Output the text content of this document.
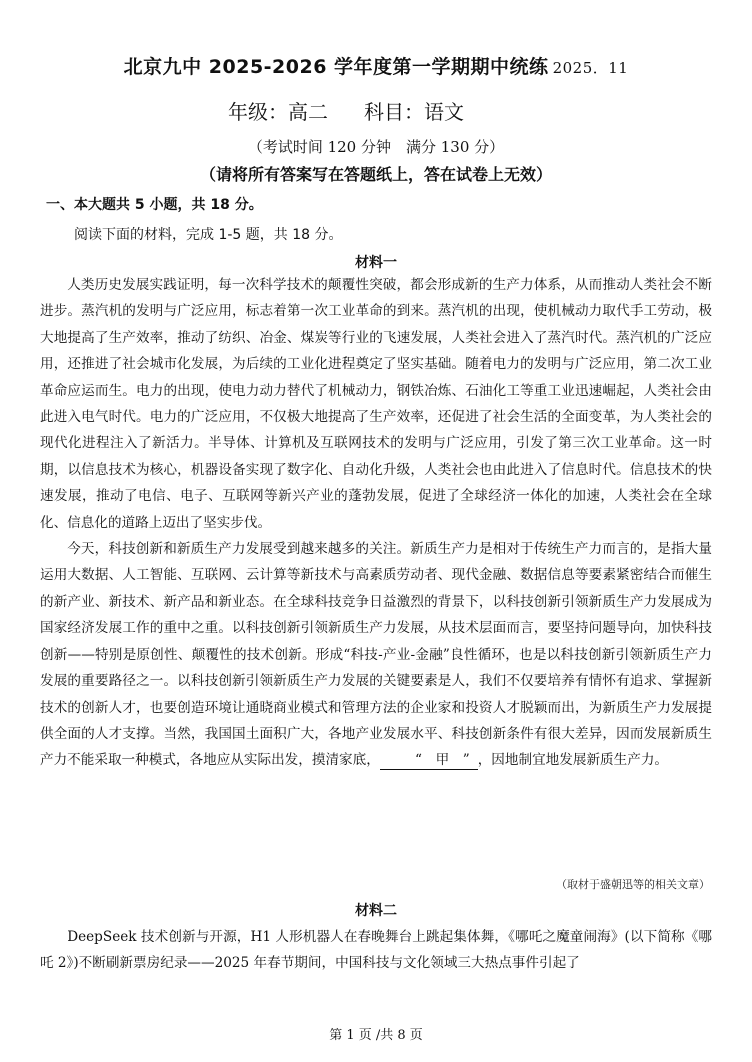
北京九中 2025-2026 学年度第一学期期中统练 2025．11
年级：高二 科目：语文
（考试时间 120 分钟　满分 130 分）
（请将所有答案写在答题纸上，答在试卷上无效）
一、本大题共 5 小题，共 18 分。
阅读下面的材料，完成 1-5 题，共 18 分。
材料一

人类历史发展实践证明，每一次科学技术的颠覆性突破，都会形成新的生产力体系，从而推动人类社会不断进步。蒸汽机的发明与广泛应用，标志着第一次工业革命的到来。蒸汽机的出现，使机械动力取代手工劳动，极大地提高了生产效率，推动了纺织、冶金、煤炭等行业的飞速发展，人类社会进入了蒸汽时代。蒸汽机的广泛应用，还推进了社会城市化发展，为后续的工业化进程奠定了坚实基础。随着电力的发明与广泛应用，第二次工业革命应运而生。电力的出现，使电力动力替代了机械动力，钢铁冶炼、石油化工等重工业迅速崛起，人类社会由此进入电气时代。电力的广泛应用，不仅极大地提高了生产效率，还促进了社会生活的全面变革，为人类社会的现代化进程注入了新活力。半导体、计算机及互联网技术的发明与广泛应用，引发了第三次工业革命。这一时期，以信息技术为核心，机器设备实现了数字化、自动化升级，人类社会也由此进入了信息时代。信息技术的快速发展，推动了电信、电子、互联网等新兴产业的蓬勃发展，促进了全球经济一体化的加速，人类社会在全球化、信息化的道路上迈出了坚实步伐。

今天，科技创新和新质生产力发展受到越来越多的关注。新质生产力是相对于传统生产力而言的，是指大量运用大数据、人工智能、互联网、云计算等新技术与高素质劳动者、现代金融、数据信息等要素紧密结合而催生的新产业、新技术、新产品和新业态。在全球科技竞争日益激烈的背景下，以科技创新引领新质生产力发展成为国家经济发展工作的重中之重。以科技创新引领新质生产力发展，从技术层面而言，要坚持问题导向，加快科技创新——特别是原创性、颠覆性的技术创新。形成“科技-产业-金融”良性循环，也是以科技创新引领新质生产力发展的重要路径之一。以科技创新引领新质生产力发展的关键要素是人，我们不仅要培养有情怀有追求、掌握新技术的创新人才，也要创造环境让通晓商业模式和管理方法的企业家和投资人才脱颖而出，为新质生产力发展提供全面的人才支撑。当然，我国国土面积广大，各地产业发展水平、科技创新条件有很大差异，因而发展新质生产力不能采取一种模式，各地应从实际出发，摸清家底，	“　甲　” ，因地制宜地发展新质生产力。

（取材于盛朝迅等的相关文章）
材料二

DeepSeek 技术创新与开源，H1 人形机器人在春晚舞台上跳起集体舞，《哪吒之魔童闹海》(以下简称《哪吒 2》)不断刷新票房纪录——2025 年春节期间，中国科技与文化领域三大热点事件引起了

第 1 页 /共 8 页
